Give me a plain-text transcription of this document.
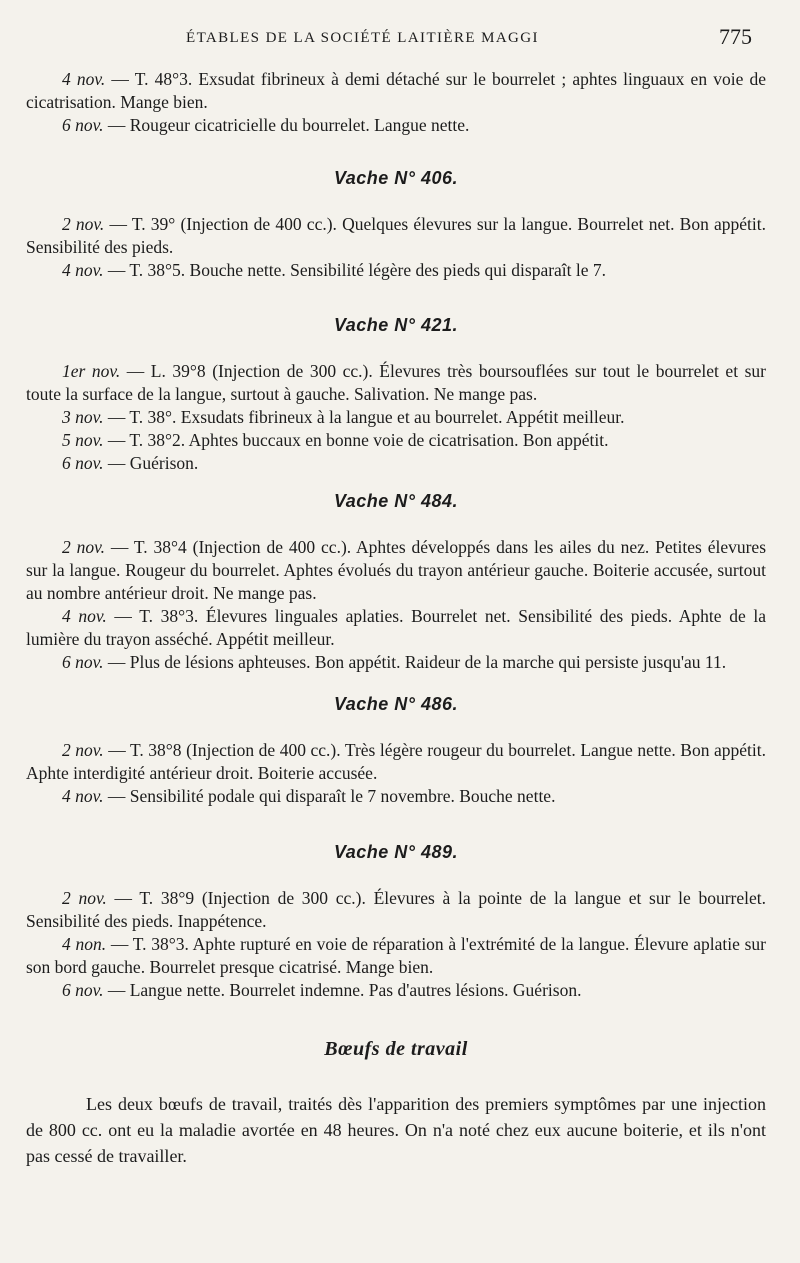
ÉTABLES DE LA SOCIÉTÉ LAITIÈRE MAGGI	775

4 nov. — T. 48°3. Exsudat fibrineux à demi détaché sur le bourrelet ; aphtes linguaux en voie de cicatrisation. Mange bien.

6 nov. — Rougeur cicatricielle du bourrelet. Langue nette.

Vache N° 406.

2 nov. — T. 39° (Injection de 400 cc.). Quelques élevures sur la langue. Bourrelet net. Bon appétit. Sensibilité des pieds.

4 nov. — T. 38°5. Bouche nette. Sensibilité légère des pieds qui disparaît le 7.

Vache N° 421.

1er nov. — L. 39°8 (Injection de 300 cc.). Élevures très boursouflées sur tout le bourrelet et sur toute la surface de la langue, surtout à gauche. Salivation. Ne mange pas.

3 nov. — T. 38°. Exsudats fibrineux à la langue et au bourrelet. Appétit meilleur.

5 nov. — T. 38°2. Aphtes buccaux en bonne voie de cicatrisation. Bon appétit.

6 nov. — Guérison.

Vache N° 484.

2 nov. — T. 38°4 (Injection de 400 cc.). Aphtes développés dans les ailes du nez. Petites élevures sur la langue. Rougeur du bourrelet. Aphtes évolués du trayon antérieur gauche. Boiterie accusée, surtout au nombre antérieur droit. Ne mange pas.

4 nov. — T. 38°3. Élevures linguales aplaties. Bourrelet net. Sensibilité des pieds. Aphte de la lumière du trayon asséché. Appétit meilleur.

6 nov. — Plus de lésions aphteuses. Bon appétit. Raideur de la marche qui persiste jusqu'au 11.

Vache N° 486.

2 nov. — T. 38°8 (Injection de 400 cc.). Très légère rougeur du bourrelet. Langue nette. Bon appétit. Aphte interdigité antérieur droit. Boiterie accusée.

4 nov. — Sensibilité podale qui disparaît le 7 novembre. Bouche nette.

Vache N° 489.

2 nov. — T. 38°9 (Injection de 300 cc.). Élevures à la pointe de la langue et sur le bourrelet. Sensibilité des pieds. Inappétence.

4 non. — T. 38°3. Aphte rupturé en voie de réparation à l'extrémité de la langue. Élevure aplatie sur son bord gauche. Bourrelet presque cicatrisé. Mange bien.

6 nov. — Langue nette. Bourrelet indemne. Pas d'autres lésions. Guérison.

Bœufs de travail

Les deux bœufs de travail, traités dès l'apparition des premiers symptômes par une injection de 800 cc. ont eu la maladie avortée en 48 heures. On n'a noté chez eux aucune boiterie, et ils n'ont pas cessé de travailler.
